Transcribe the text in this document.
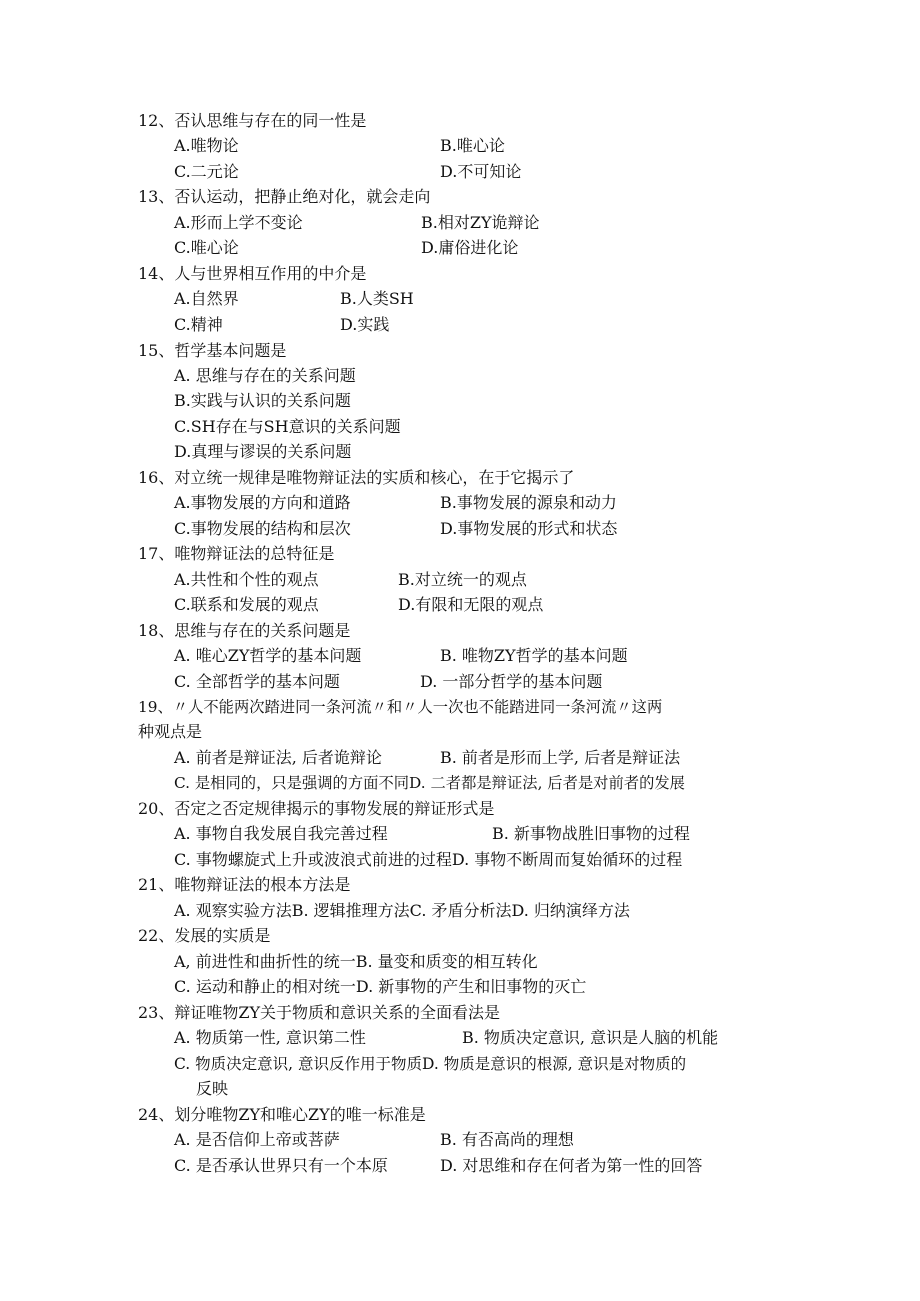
12、否认思维与存在的同一性是
A.唯物论	B.唯心论
C.二元论	D.不可知论
13、否认运动，把静止绝对化，就会走向
A.形而上学不变论	B.相对ZY诡辩论
C.唯心论	D.庸俗进化论
14、人与世界相互作用的中介是
A.自然界	B.人类SH
C.精神	D.实践
15、哲学基本问题是
A. 思维与存在的关系问题
B.实践与认识的关系问题
C.SH存在与SH意识的关系问题
D.真理与谬误的关系问题
16、对立统一规律是唯物辩证法的实质和核心，在于它揭示了
A.事物发展的方向和道路	B.事物发展的源泉和动力
C.事物发展的结构和层次	D.事物发展的形式和状态
17、唯物辩证法的总特征是
A.共性和个性的观点	B.对立统一的观点
C.联系和发展的观点	D.有限和无限的观点
18、思维与存在的关系问题是
A. 唯心ZY哲学的基本问题	B. 唯物ZY哲学的基本问题
C. 全部哲学的基本问题	D. 一部分哲学的基本问题
19、〃人不能两次踏进同一条河流〃和〃人一次也不能踏进同一条河流〃这两
种观点是
A. 前者是辩证法, 后者诡辩论	B. 前者是形而上学, 后者是辩证法
C. 是相同的，只是强调的方面不同D. 二者都是辩证法, 后者是对前者的发展
20、否定之否定规律揭示的事物发展的辩证形式是
A. 事物自我发展自我完善过程	B. 新事物战胜旧事物的过程
C. 事物螺旋式上升或波浪式前进的过程D. 事物不断周而复始循环的过程
21、唯物辩证法的根本方法是
A. 观察实验方法B. 逻辑推理方法C. 矛盾分析法D. 归纳演绎方法
22、发展的实质是
A, 前进性和曲折性的统一B. 量变和质变的相互转化
C. 运动和静止的相对统一D. 新事物的产生和旧事物的灭亡
23、辩证唯物ZY关于物质和意识关系的全面看法是
A. 物质第一性, 意识第二性	B. 物质决定意识, 意识是人脑的机能
C. 物质决定意识, 意识反作用于物质D. 物质是意识的根源, 意识是对物质的
反映
24、划分唯物ZY和唯心ZY的唯一标准是
A. 是否信仰上帝或菩萨	B. 有否高尚的理想
C. 是否承认世界只有一个本原	D. 对思维和存在何者为第一性的回答
